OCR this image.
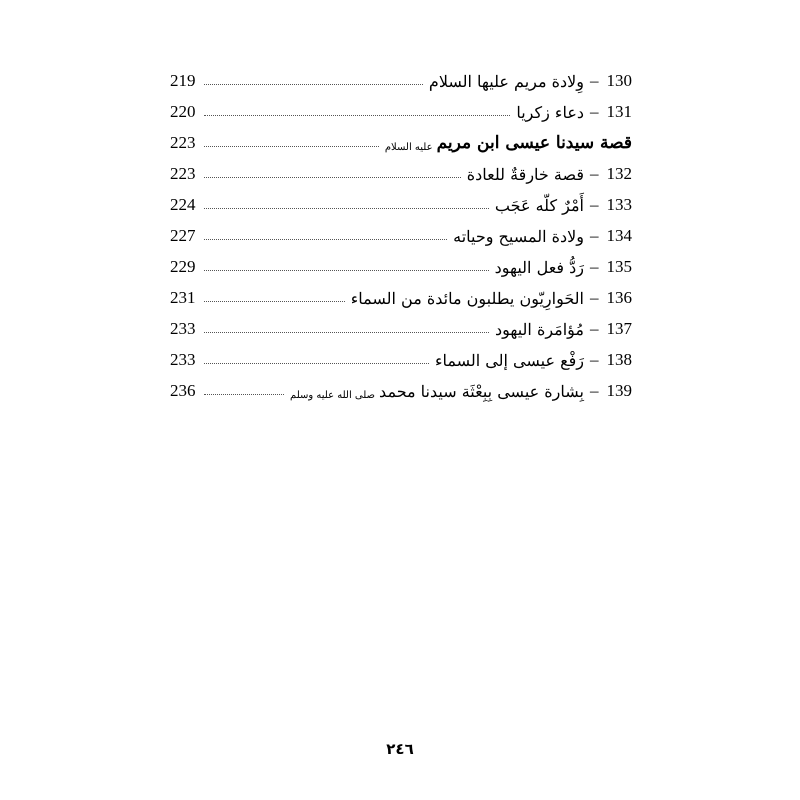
130
–
وِلادة مريم عليها السلام
219
131
–
دعاء زكريا
220
قصة سيدنا عيسى ابن مريم
عليه السلام
223
132
–
قصة خارقةٌ للعادة
223
133
–
أَمْرٌ كلّه عَجَب
224
134
–
ولادة المسيح وحياته
227
135
–
رَدُّ فعل اليهود
229
136
–
الحَوارِيّون يطلبون مائدة من السماء
231
137
–
مُؤامَرة اليهود
233
138
–
رَفْع عيسى إلى السماء
233
139
–
بِشارة عيسى بِبِعْثَة سيدنا محمد
صلى الله عليه وسلم
236
٢٤٦
